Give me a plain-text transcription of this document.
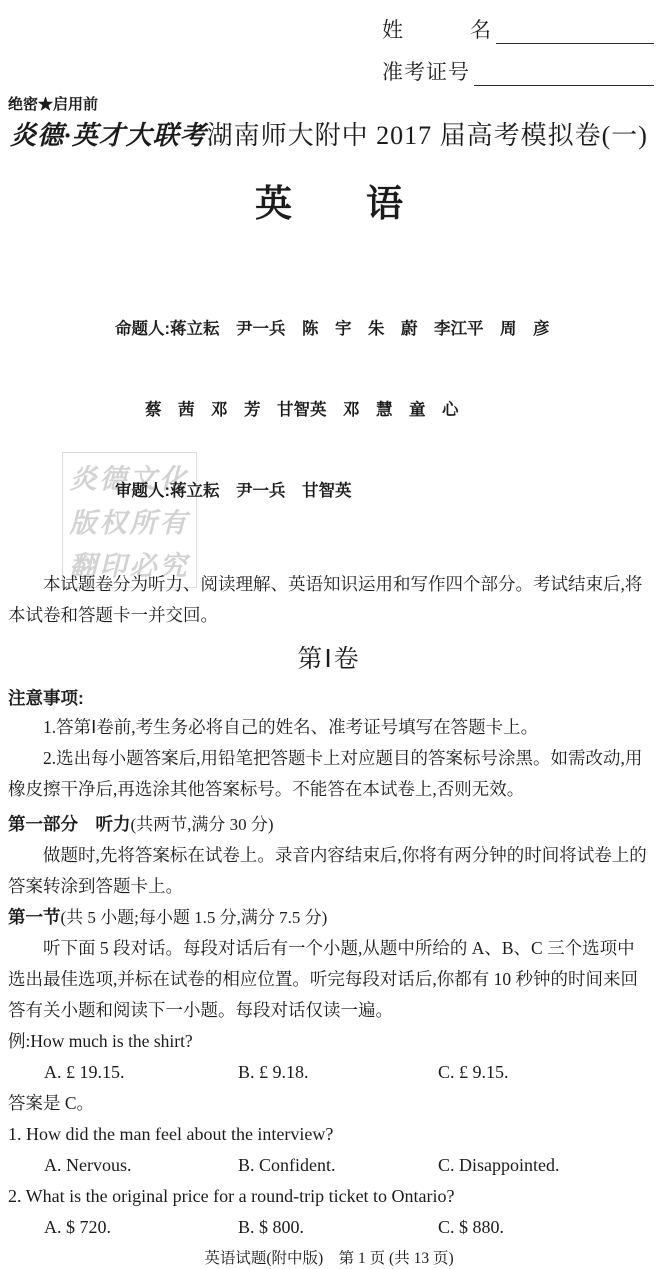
炎德文化
版权所有
翻印必究
姓　　　名
准考证号
绝密★启用前
炎德·英才大联考湖南师大附中 2017 届高考模拟卷(一)
英　　语

命题人:蒋立耘　尹一兵　陈　宇　朱　蔚　李江平　周　彦

蔡　茜　邓　芳　甘智英　邓　慧　童　心

审题人:蒋立耘　尹一兵　甘智英

本试题卷分为听力、阅读理解、英语知识运用和写作四个部分。考试结束后,将本试卷和答题卡一并交回。

第Ⅰ卷
注意事项:

1.答第Ⅰ卷前,考生务必将自己的姓名、准考证号填写在答题卡上。

2.选出每小题答案后,用铅笔把答题卡上对应题目的答案标号涂黑。如需改动,用橡皮擦干净后,再选涂其他答案标号。不能答在本试卷上,否则无效。

第一部分　听力(共两节,满分 30 分)

做题时,先将答案标在试卷上。录音内容结束后,你将有两分钟的时间将试卷上的答案转涂到答题卡上。

第一节(共 5 小题;每小题 1.5 分,满分 7.5 分)

听下面 5 段对话。每段对话后有一个小题,从题中所给的 A、B、C 三个选项中选出最佳选项,并标在试卷的相应位置。听完每段对话后,你都有 10 秒钟的时间来回答有关小题和阅读下一小题。每段对话仅读一遍。

例:How much is the shirt?

A. £ 19.15.	B. £ 9.18.	C. £ 9.15.

答案是 C。

1. How did the man feel about the interview?

A. Nervous.	B. Confident.	C. Disappointed.

2. What is the original price for a round-trip ticket to Ontario?

A. $ 720.	B. $ 800.	C. $ 880.
英语试题(附中版)　第 1 页 (共 13 页)
